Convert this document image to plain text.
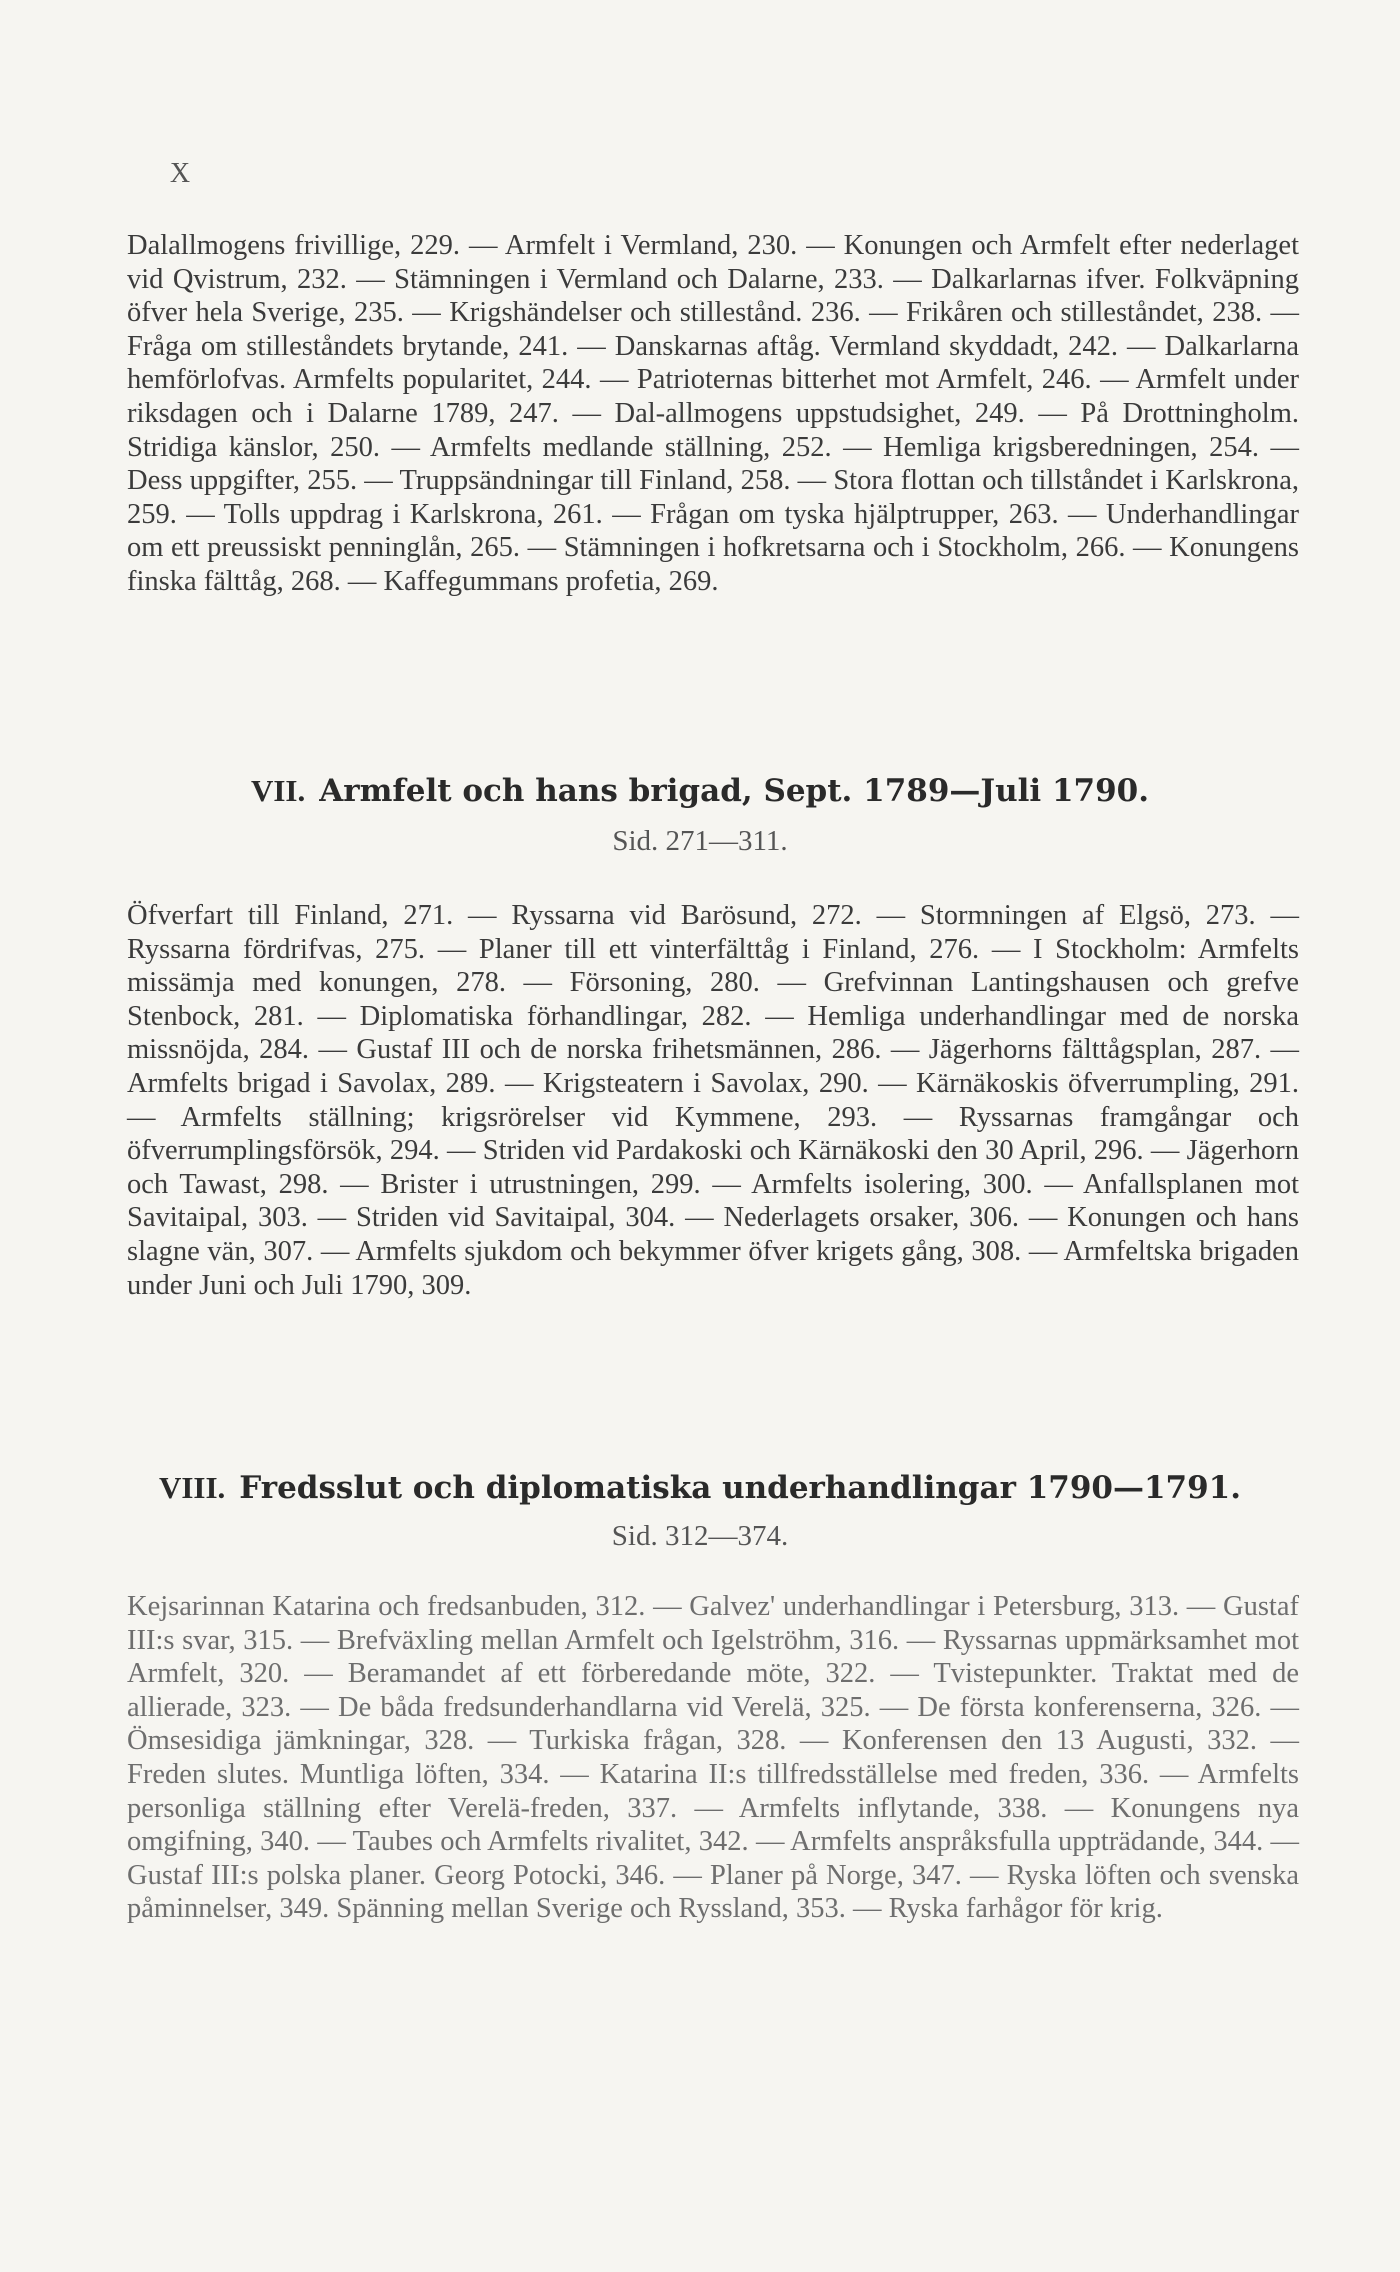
X
Dalallmogens frivillige, 229. — Armfelt i Vermland, 230. — Konungen och Armfelt efter nederlaget vid Qvistrum, 232. — Stämningen i Vermland och Dalarne, 233. — Dalkarlarnas ifver. Folkväpning öfver hela Sverige, 235. — Krigshändelser och stillestånd. 236. — Frikåren och stilleståndet, 238. — Fråga om stilleståndets brytande, 241. — Danskarnas aftåg. Vermland skyddadt, 242. — Dalkarlarna hemförlofvas. Armfelts popularitet, 244. — Patrioternas bitterhet mot Armfelt, 246. — Armfelt under riksdagen och i Dalarne 1789, 247. — Dal-allmogens uppstudsighet, 249. — På Drottningholm. Stridiga känslor, 250. — Armfelts medlande ställning, 252. — Hemliga krigsberedningen, 254. — Dess uppgifter, 255. — Truppsändningar till Finland, 258. — Stora flottan och tillståndet i Karlskrona, 259. — Tolls uppdrag i Karlskrona, 261. — Frågan om tyska hjälptrupper, 263. — Underhandlingar om ett preussiskt penninglån, 265. — Stämningen i hofkretsarna och i Stockholm, 266. — Konungens finska fälttåg, 268. — Kaffegummans profetia, 269.
VII. Armfelt och hans brigad, Sept. 1789—Juli 1790.
Sid. 271—311.
Öfverfart till Finland, 271. — Ryssarna vid Barösund, 272. — Stormningen af Elgsö, 273. — Ryssarna fördrifvas, 275. — Planer till ett vinterfälttåg i Finland, 276. — I Stockholm: Armfelts missämja med konungen, 278. — Försoning, 280. — Grefvinnan Lantingshausen och grefve Stenbock, 281. — Diplomatiska förhandlingar, 282. — Hemliga underhandlingar med de norska missnöjda, 284. — Gustaf III och de norska frihetsmännen, 286. — Jägerhorns fälttågsplan, 287. — Armfelts brigad i Savolax, 289. — Krigsteatern i Savolax, 290. — Kärnäkoskis öfverrumpling, 291. — Armfelts ställning; krigsrörelser vid Kymmene, 293. — Ryssarnas framgångar och öfverrumplingsförsök, 294. — Striden vid Pardakoski och Kärnäkoski den 30 April, 296. — Jägerhorn och Tawast, 298. — Brister i utrustningen, 299. — Armfelts isolering, 300. — Anfallsplanen mot Savitaipal, 303. — Striden vid Savitaipal, 304. — Nederlagets orsaker, 306. — Konungen och hans slagne vän, 307. — Armfelts sjukdom och bekymmer öfver krigets gång, 308. — Armfeltska brigaden under Juni och Juli 1790, 309.
VIII. Fredsslut och diplomatiska underhandlingar 1790—1791.
Sid. 312—374.
Kejsarinnan Katarina och fredsanbuden, 312. — Galvez' underhandlingar i Petersburg, 313. — Gustaf III:s svar, 315. — Brefväxling mellan Armfelt och Igelströhm, 316. — Ryssarnas uppmärksamhet mot Armfelt, 320. — Beramandet af ett förberedande möte, 322. — Tvistepunkter. Traktat med de allierade, 323. — De båda fredsunderhandlarna vid Verelä, 325. — De första konferenserna, 326. — Ömsesidiga jämkningar, 328. — Turkiska frågan, 328. — Konferensen den 13 Augusti, 332. — Freden slutes. Muntliga löften, 334. — Katarina II:s tillfredsställelse med freden, 336. — Armfelts personliga ställning efter Verelä-freden, 337. — Armfelts inflytande, 338. — Konungens nya omgifning, 340. — Taubes och Armfelts rivalitet, 342. — Armfelts anspråksfulla uppträdande, 344. — Gustaf III:s polska planer. Georg Potocki, 346. — Planer på Norge, 347. — Ryska löften och svenska påminnelser, 349. Spänning mellan Sverige och Ryssland, 353. — Ryska farhågor för krig.
